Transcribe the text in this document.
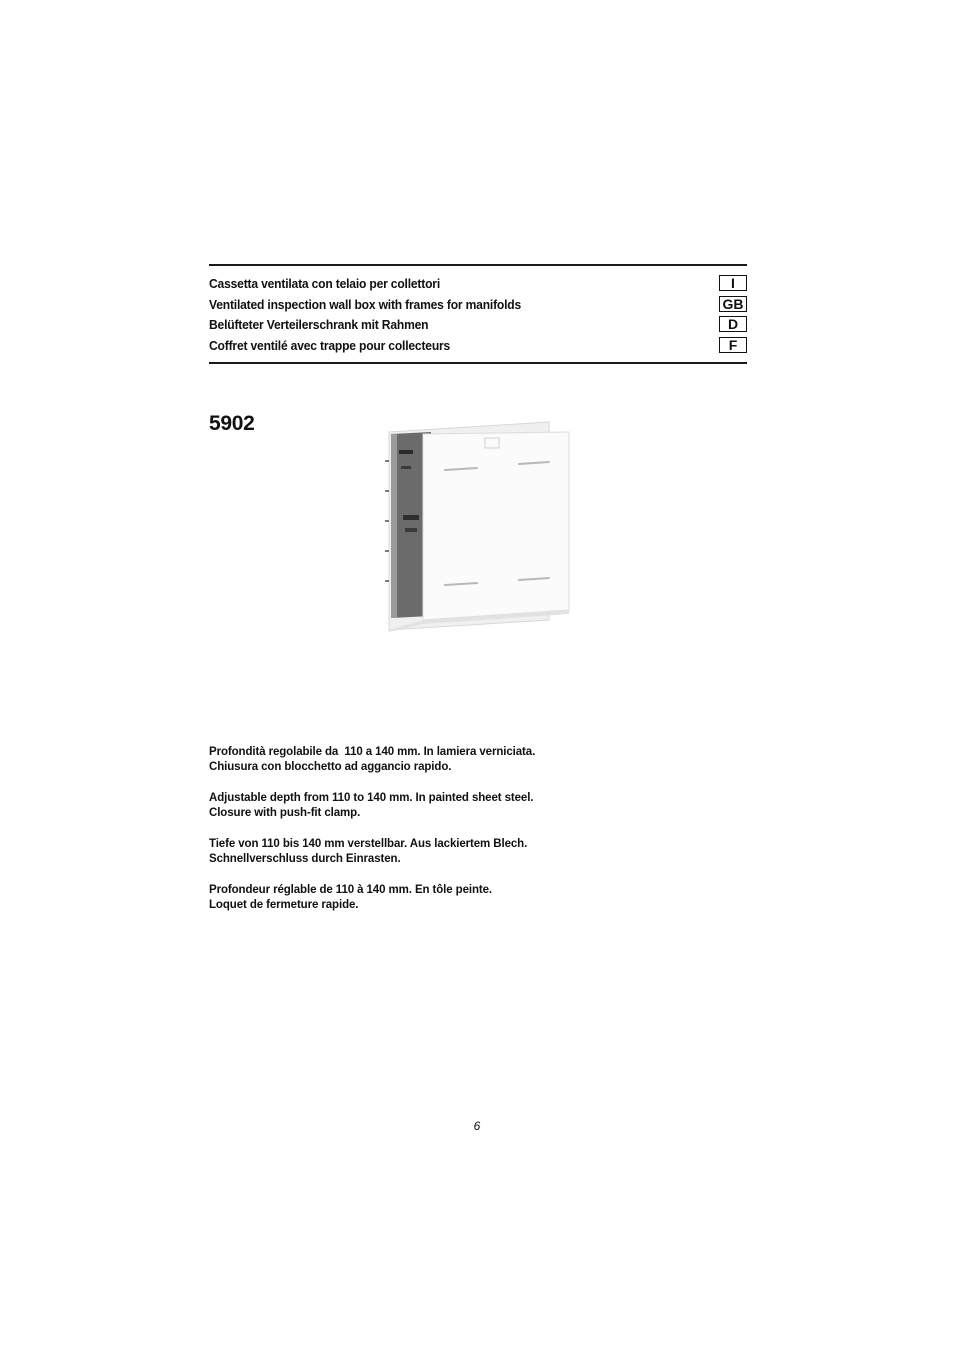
Cassetta ventilata con telaio per collettori	I
Ventilated inspection wall box with frames for manifolds	GB
Belüfteter Verteilerschrank mit Rahmen	D
Coffret ventilé avec trappe pour collecteurs	F
5902

Profondità regolabile da  110 a 140 mm. In lamiera verniciata.
Chiusura con blocchetto ad aggancio rapido.

Adjustable depth from 110 to 140 mm. In painted sheet steel.
Closure with push-fit clamp.

Tiefe von 110 bis 140 mm verstellbar. Aus lackiertem Blech.
Schnellverschluss durch Einrasten.

Profondeur réglable de 110 à 140 mm. En tôle peinte.
Loquet de fermeture rapide.

6
